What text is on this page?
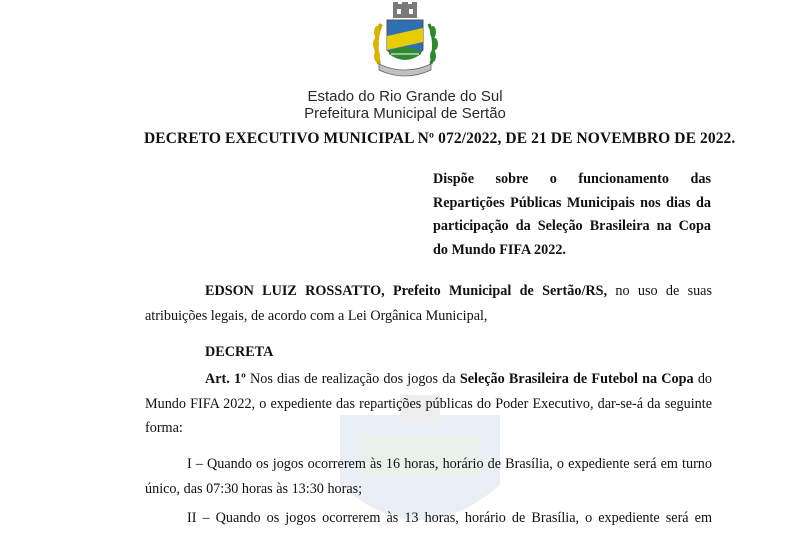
Estado do Rio Grande do Sul
Prefeitura Municipal de Sertão
DECRETO EXECUTIVO MUNICIPAL Nº 072/2022, DE 21 DE NOVEMBRO DE 2022.
Dispõe sobre o funcionamento das
Repartições Públicas Municipais nos dias da
participação da Seleção Brasileira na Copa
do Mundo FIFA 2022.
EDSON LUIZ ROSSATTO, Prefeito Municipal de Sertão/RS, no uso de suas
atribuições legais, de acordo com a Lei Orgânica Municipal,
DECRETA
Art. 1º Nos dias de realização dos jogos da Seleção Brasileira de Futebol na Copa do
Mundo FIFA 2022, o expediente das repartições públicas do Poder Executivo, dar-se-á da seguinte
forma:
I – Quando os jogos ocorrerem às 16 horas, horário de Brasília, o expediente será em turno
único, das 07:30 horas às 13:30 horas;
II – Quando os jogos ocorrerem às 13 horas, horário de Brasília, o expediente será em
